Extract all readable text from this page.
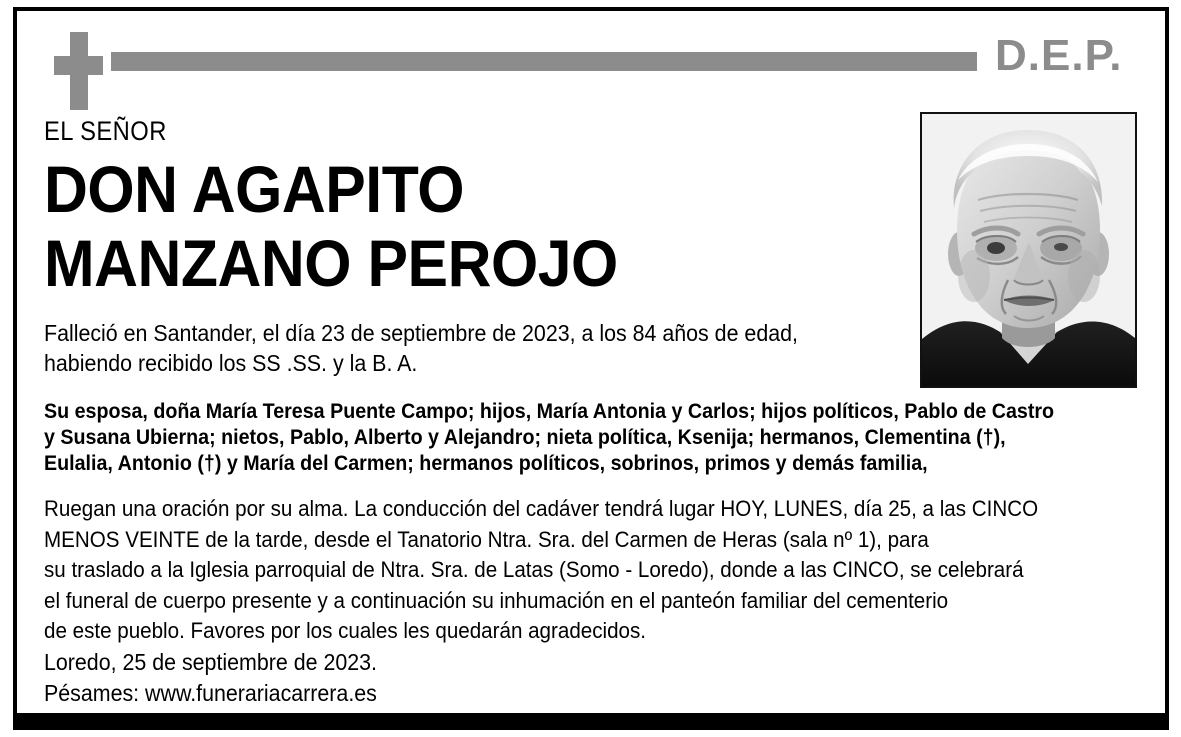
D.E.P.
EL SEÑOR
DON AGAPITO
MANZANO PEROJO
Falleció en Santander, el día 23 de septiembre de 2023, a los 84 años de edad,
habiendo recibido los SS .SS. y la B. A.
Su esposa, doña María Teresa Puente Campo; hijos, María Antonia y Carlos; hijos políticos, Pablo de Castro
y Susana Ubierna; nietos, Pablo, Alberto y Alejandro; nieta política, Ksenija; hermanos, Clementina (†),
Eulalia, Antonio (†) y María del Carmen; hermanos políticos, sobrinos, primos y demás familia,
Ruegan una oración por su alma. La conducción del cadáver tendrá lugar HOY, LUNES, día 25, a las CINCO
MENOS VEINTE de la tarde, desde el Tanatorio Ntra. Sra. del Carmen de Heras (sala nº 1), para
su traslado a la Iglesia parroquial de Ntra. Sra. de Latas (Somo - Loredo), donde a las CINCO, se celebrará
el funeral de cuerpo presente y a continuación su inhumación en el panteón familiar del cementerio
de este pueblo. Favores por los cuales les quedarán agradecidos.
Loredo, 25 de septiembre de 2023.
Pésames: www.funerariacarrera.es
